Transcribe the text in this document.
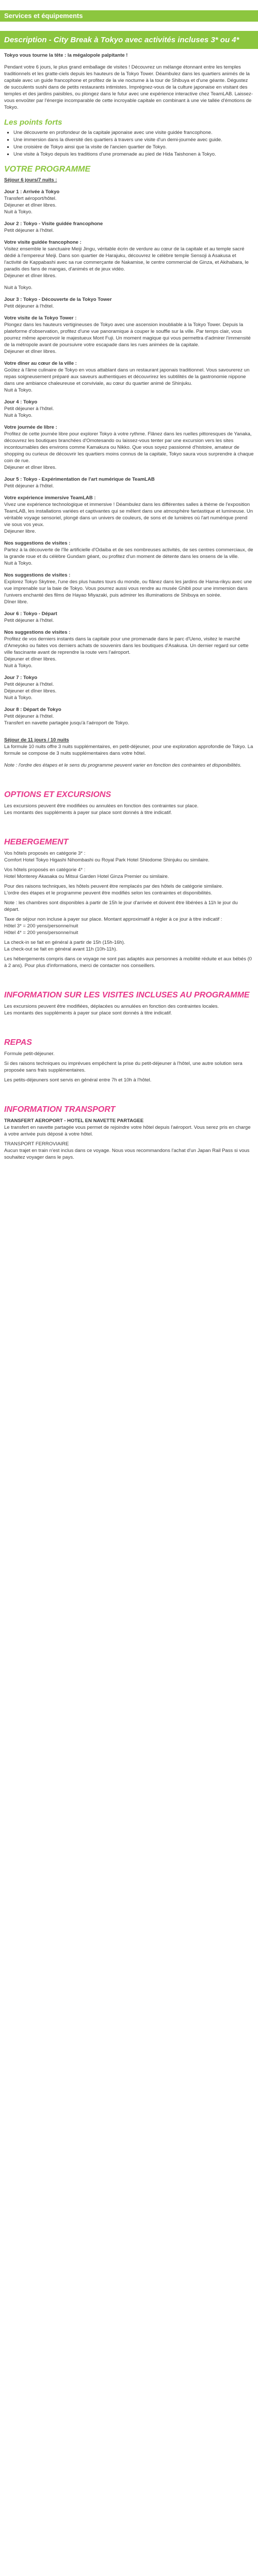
Services et équipements
Description - City Break à Tokyo avec activités incluses 3* ou 4*

Tokyo vous tourne la tête : la mégalopole palpitante !

Pendant votre 6 jours, le plus grand emballage de visites ! Découvrez un mélange étonnant entre les temples traditionnels et les gratte-ciels depuis les hauteurs de la Tokyo Tower. Déambulez dans les quartiers animés de la capitale avec un guide francophone et profitez de la vie nocturne à la tour de Shibuya et d'une géante. Dégustez de succulents sushi dans de petits restaurants intimistes. Imprégnez-vous de la culture japonaise en visitant des temples et des jardins paisibles, ou plongez dans le futur avec une expérience interactive chez TeamLAB. Laissez-vous envoûter par l'énergie incomparable de cette incroyable capitale en combinant à une vie tallée d'émotions de Tokyo.

Les points forts
▪ Une découverte en profondeur de la capitale japonaise avec une visite guidée francophone.
▪ Une immersion dans la diversité des quartiers à travers une visite d'un demi-journée avec guide.
▪ Une croisière de Tokyo ainsi que la visite de l'ancien quartier de Tokyo.
▪ Une visite à Tokyo depuis les traditions d'une promenade au pied de Hida Taishonen à Tokyo.
VOTRE PROGRAMME

Séjour 6 jours/7 nuits :

Jour 1 : Arrivée à Tokyo

Transfert aéroport/hôtel.

Déjeuner et dîner libres.

Nuit à Tokyo.

Jour 2 : Tokyo - Visite guidée francophone

Petit déjeuner à l'hôtel.

Votre visite guidée francophone :

Visitez ensemble le sanctuaire Meiji Jingu, véritable écrin de verdure au cœur de la capitale et au temple sacré dédié à l'empereur Meiji. Dans son quartier de Harajuku, découvrez le célèbre temple Sensoji à Asakusa et l'activité de Kappabashi avec sa rue commerçante de Nakamise, le centre commercial de Ginza, et Akihabara, le paradis des fans de mangas, d'animés et de jeux vidéo.

Déjeuner et dîner libres.

Nuit à Tokyo.

Jour 3 : Tokyo - Découverte de la Tokyo Tower

Petit déjeuner à l'hôtel.

Votre visite de la Tokyo Tower :

Plongez dans les hauteurs vertigineuses de Tokyo avec une ascension inoubliable à la Tokyo Tower. Depuis la plateforme d'observation, profitez d'une vue panoramique à couper le souffle sur la ville. Par temps clair, vous pourrez même apercevoir le majestueux Mont Fuji. Un moment magique qui vous permettra d'admirer l'immensité de la métropole avant de poursuivre votre escapade dans les rues animées de la capitale.

Déjeuner et dîner libres.

Votre dîner au cœur de la ville :

Goûtez à l'âme culinaire de Tokyo en vous attablant dans un restaurant japonais traditionnel. Vous savourerez un repas soigneusement préparé aux saveurs authentiques et découvrirez les subtilités de la gastronomie nippone dans une ambiance chaleureuse et conviviale, au cœur du quartier animé de Shinjuku.

Nuit à Tokyo.

Jour 4 : Tokyo

Petit déjeuner à l'hôtel.

Nuit à Tokyo.

Votre journée de libre :

Profitez de cette journée libre pour explorer Tokyo à votre rythme. Flânez dans les ruelles pittoresques de Yanaka, découvrez les boutiques branchées d'Omotesando ou laissez-vous tenter par une excursion vers les sites incontournables des environs comme Kamakura ou Nikko. Que vous soyez passionné d'histoire, amateur de shopping ou curieux de découvrir les quartiers moins connus de la capitale, Tokyo saura vous surprendre à chaque coin de rue.

Déjeuner et dîner libres.

Jour 5 : Tokyo - Expérimentation de l'art numérique de TeamLAB

Petit déjeuner à l'hôtel.

Votre expérience immersive TeamLAB :

Vivez une expérience technologique et immersive ! Déambulez dans les différentes salles à thème de l'exposition TeamLAB, les installations variées et captivantes qui se mêlent dans une atmosphère fantastique et lumineuse. Un véritable voyage sensoriel, plongé dans un univers de couleurs, de sons et de lumières où l'art numérique prend vie sous vos yeux.

Déjeuner libre.

Nos suggestions de visites :

Partez à la découverte de l'île artificielle d'Odaiba et de ses nombreuses activités, de ses centres commerciaux, de la grande roue et du célèbre Gundam géant, ou profitez d'un moment de détente dans les onsens de la ville.

Nuit à Tokyo.

Nos suggestions de visites :

Explorez Tokyo Skytree, l'une des plus hautes tours du monde, ou flânez dans les jardins de Hama-rikyu avec une vue imprenable sur la baie de Tokyo. Vous pourrez aussi vous rendre au musée Ghibli pour une immersion dans l'univers enchanté des films de Hayao Miyazaki, puis admirer les illuminations de Shibuya en soirée.

Dîner libre.

Jour 6 : Tokyo - Départ

Petit déjeuner à l'hôtel.

Nos suggestions de visites :

Profitez de vos derniers instants dans la capitale pour une promenade dans le parc d'Ueno, visitez le marché d'Ameyoko ou faites vos derniers achats de souvenirs dans les boutiques d'Asakusa. Un dernier regard sur cette ville fascinante avant de reprendre la route vers l'aéroport.

Déjeuner et dîner libres.

Nuit à Tokyo.

Jour 7 : Tokyo

Petit déjeuner à l'hôtel.

Déjeuner et dîner libres.

Nuit à Tokyo.

Jour 8 : Départ de Tokyo

Petit déjeuner à l'hôtel.

Transfert en navette partagée jusqu'à l'aéroport de Tokyo.

Séjour de 11 jours / 10 nuits

La formule 10 nuits offre 3 nuits supplémentaires, en petit-déjeuner, pour une exploration approfondie de Tokyo. La formule se compose de 3 nuits supplémentaires dans votre hôtel.

Note : l'ordre des étapes et le sens du programme peuvent varier en fonction des contraintes et disponibilités.

OPTIONS ET EXCURSIONS

Les excursions peuvent être modifiées ou annulées en fonction des contraintes sur place.

Les montants des suppléments à payer sur place sont donnés à titre indicatif.

HEBERGEMENT

Vos hôtels proposés en catégorie 3* :

Comfort Hotel Tokyo Higashi Nihombashi ou Royal Park Hotel Shiodome Shinjuku ou similaire.

Vos hôtels proposés en catégorie 4* :

Hotel Monterey Akasaka ou Mitsui Garden Hotel Ginza Premier ou similaire.

Pour des raisons techniques, les hôtels peuvent être remplacés par des hôtels de catégorie similaire.

L'ordre des étapes et le programme peuvent être modifiés selon les contraintes et disponibilités.

Note : les chambres sont disponibles à partir de 15h le jour d'arrivée et doivent être libérées à 11h le jour du départ.

Taxe de séjour non incluse à payer sur place. Montant approximatif à régler à ce jour à titre indicatif :

Hôtel 3* = 200 yens/personne/nuit

Hôtel 4* = 200 yens/personne/nuit

La check-in se fait en général à partir de 15h (15h-16h).

La check-out se fait en général avant 11h (10h-11h).

Les hébergements compris dans ce voyage ne sont pas adaptés aux personnes à mobilité réduite et aux bébés (0 à 2 ans). Pour plus d'informations, merci de contacter nos conseillers.

INFORMATION SUR LES VISITES INCLUSES AU PROGRAMME

Les excursions peuvent être modifiées, déplacées ou annulées en fonction des contraintes locales.

Les montants des suppléments à payer sur place sont donnés à titre indicatif.

REPAS

Formule petit-déjeuner.

Si des raisons techniques ou imprévues empêchent la prise du petit-déjeuner à l'hôtel, une autre solution sera proposée sans frais supplémentaires.

Les petits-déjeuners sont servis en général entre 7h et 10h à l'hôtel.

INFORMATION TRANSPORT

TRANSFERT AEROPORT - HOTEL EN NAVETTE PARTAGEE

Le transfert en navette partagée vous permet de rejoindre votre hôtel depuis l'aéroport. Vous serez pris en charge à votre arrivée puis déposé à votre hôtel.

TRANSPORT FERROVIAIRE

Aucun trajet en train n'est inclus dans ce voyage. Nous vous recommandons l'achat d'un Japan Rail Pass si vous souhaitez voyager dans le pays.
